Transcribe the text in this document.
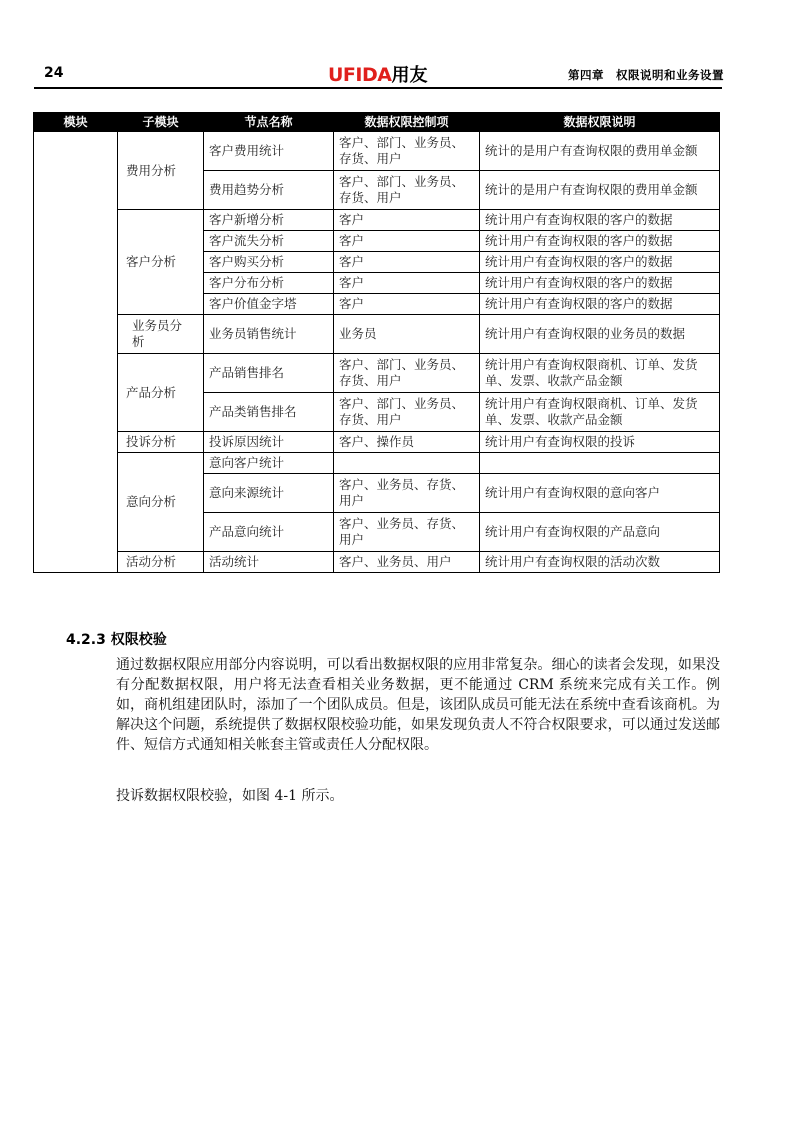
24	UFIDA用友	第四章　权限说明和业务设置
模块	子模块	节点名称	数据权限控制项	数据权限说明
	费用分析	客户费用统计	客户、部门、业务员、存货、用户	统计的是用户有查询权限的费用单金额
		费用趋势分析	客户、部门、业务员、存货、用户	统计的是用户有查询权限的费用单金额
	客户分析	客户新增分析	客户	统计用户有查询权限的客户的数据
		客户流失分析	客户	统计用户有查询权限的客户的数据
		客户购买分析	客户	统计用户有查询权限的客户的数据
		客户分布分析	客户	统计用户有查询权限的客户的数据
		客户价值金字塔	客户	统计用户有查询权限的客户的数据
	业务员分析	业务员销售统计	业务员	统计用户有查询权限的业务员的数据
	产品分析	产品销售排名	客户、部门、业务员、存货、用户	统计用户有查询权限商机、订单、发货单、发票、收款产品金额
		产品类销售排名	客户、部门、业务员、存货、用户	统计用户有查询权限商机、订单、发货单、发票、收款产品金额
	投诉分析	投诉原因统计	客户、操作员	统计用户有查询权限的投诉
	意向分析	意向客户统计		
		意向来源统计	客户、业务员、存货、用户	统计用户有查询权限的意向客户
		产品意向统计	客户、业务员、存货、用户	统计用户有查询权限的产品意向
	活动分析	活动统计	客户、业务员、用户	统计用户有查询权限的活动次数
4.2.3 权限校验

通过数据权限应用部分内容说明，可以看出数据权限的应用非常复杂。细心的读者会发现，如果没有分配数据权限，用户将无法查看相关业务数据，更不能通过 CRM 系统来完成有关工作。例如，商机组建团队时，添加了一个团队成员。但是，该团队成员可能无法在系统中查看该商机。为解决这个问题，系统提供了数据权限校验功能，如果发现负责人不符合权限要求，可以通过发送邮件、短信方式通知相关帐套主管或责任人分配权限。

投诉数据权限校验，如图 4-1 所示。
